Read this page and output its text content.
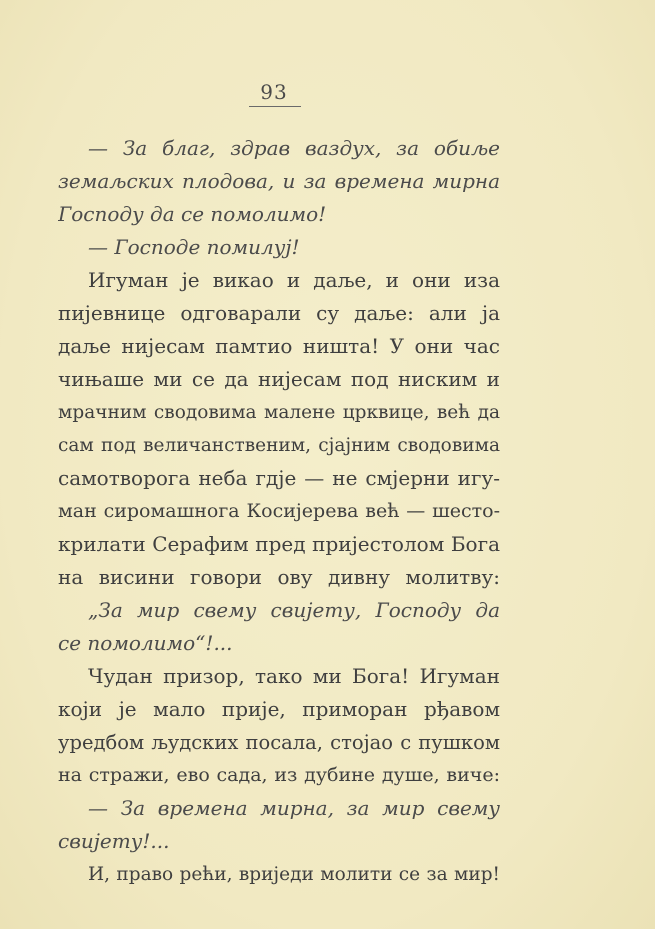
93
— За благ, здрав ваздух, за обиље
земаљских плодова, и за времена мирна
Господу да се помолимо!
— Господе помилуј!
Игуман је викао и даље, и они иза
пијевнице одговарали су даље: али ја
даље нијесам памтио ништа! У они час
чињаше ми се да нијесам под ниским и
мрачним сводовима малене црквице, већ да
сам под величанственим, сјајним сводовима
самотворога неба гдје — не смјерни игу-
ман сиромашнога Косијерева већ — шесто-
крилати Серафим пред пријестолом Бога
на висини говори ову дивну молитву:
„За мир свему свијету, Господу да
се помолимо“!...
Чудан призор, тако ми Бога! Игуман
који је мало прије, приморан рђавом
уредбом људских посала, стојао с пушком
на стражи, ево сада, из дубине душе, виче:
— За времена мирна, за мир свему
свијету!...
И, право рећи, вриједи молити се за мир!
